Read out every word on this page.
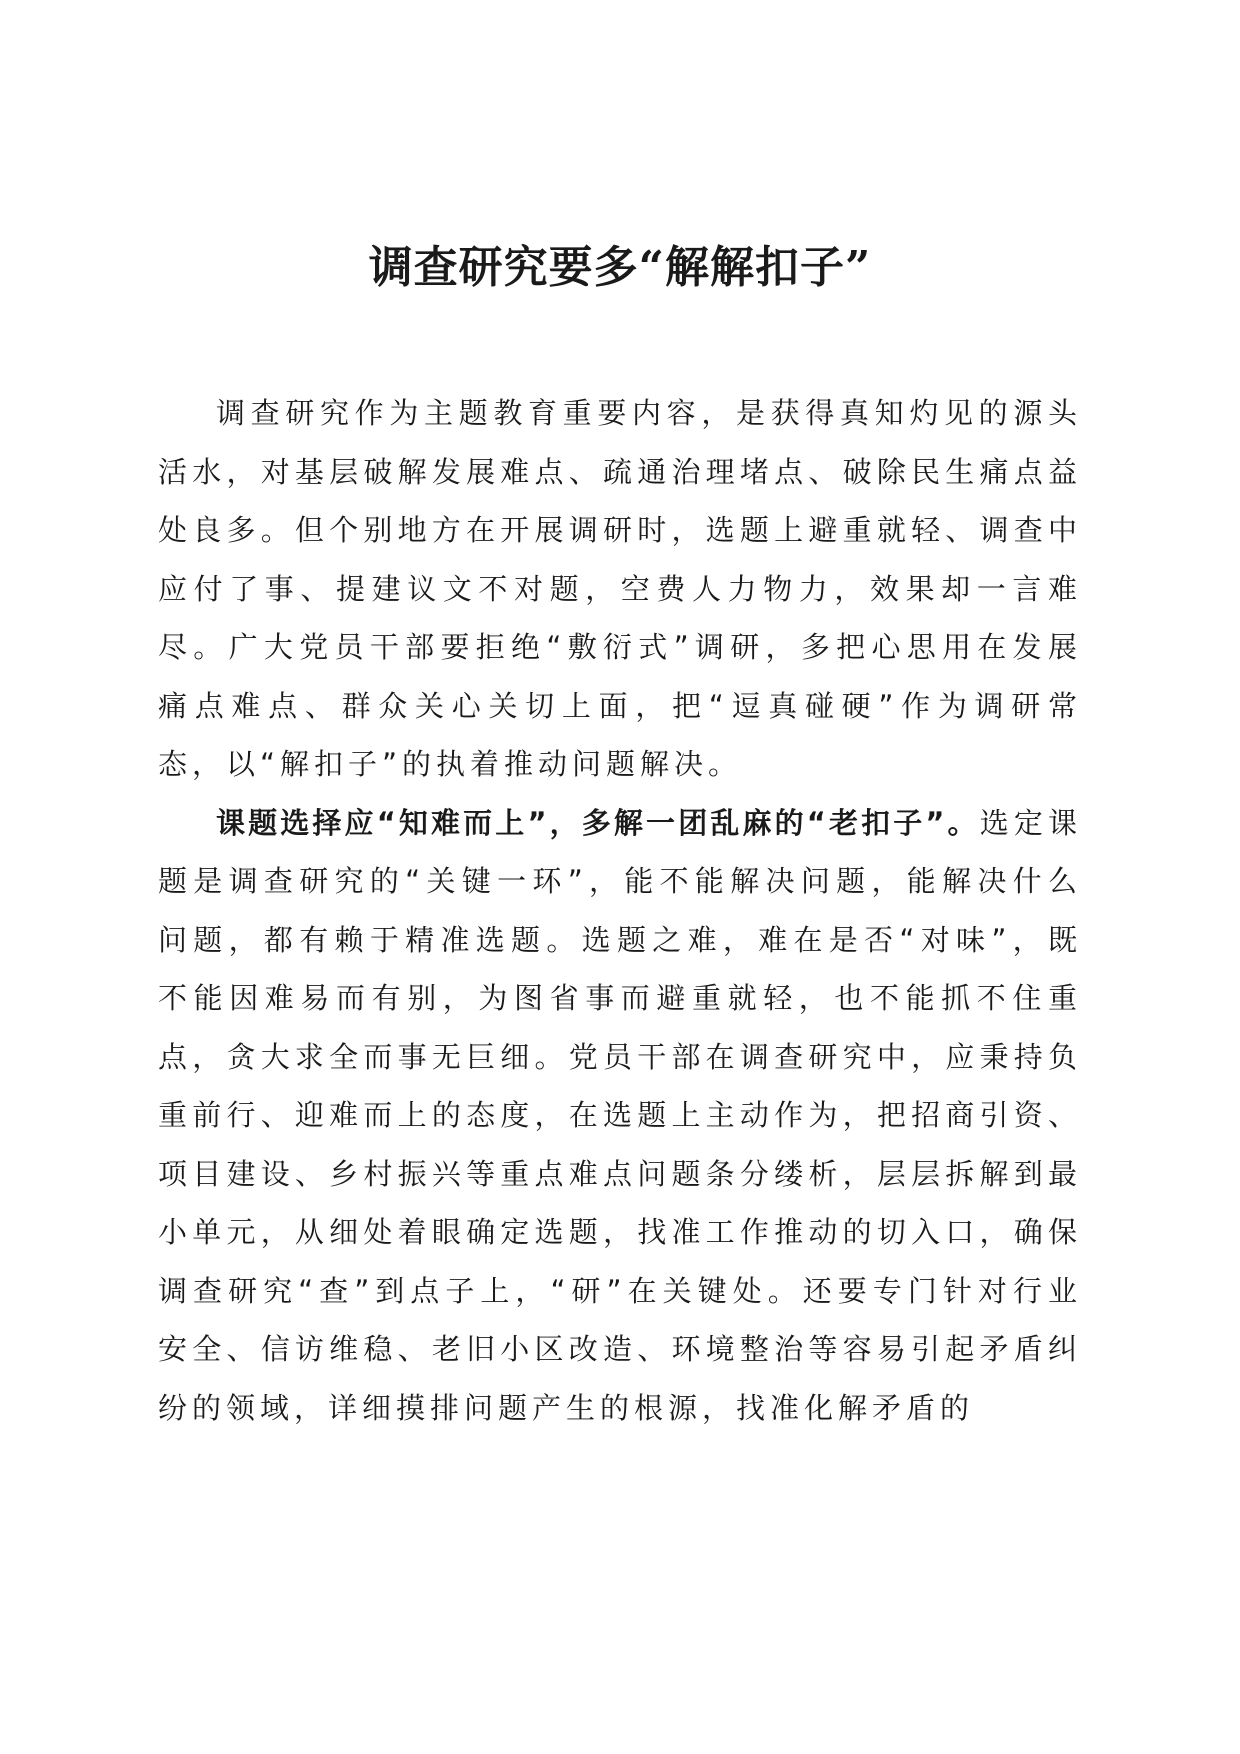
调查研究要多“解解扣子”

调查研究作为主题教育重要内容，是获得真知灼见的源头活水，对基层破解发展难点、疏通治理堵点、破除民生痛点益处良多。但个别地方在开展调研时，选题上避重就轻、调查中应付了事、提建议文不对题，空费人力物力，效果却一言难尽。广大党员干部要拒绝“敷衍式”调研，多把心思用在发展痛点难点、群众关心关切上面，把“逗真碰硬”作为调研常态，以“解扣子”的执着推动问题解决。

课题选择应“知难而上”，多解一团乱麻的“老扣子”。选定课题是调查研究的“关键一环”，能不能解决问题，能解决什么问题，都有赖于精准选题。选题之难，难在是否“对味”，既不能因难易而有别，为图省事而避重就轻，也不能抓不住重点，贪大求全而事无巨细。党员干部在调查研究中，应秉持负重前行、迎难而上的态度，在选题上主动作为，把招商引资、项目建设、乡村振兴等重点难点问题条分缕析，层层拆解到最小单元，从细处着眼确定选题，找准工作推动的切入口，确保调查研究“查”到点子上，“研”在关键处。还要专门针对行业安全、信访维稳、老旧小区改造、环境整治等容易引起矛盾纠纷的领域，详细摸排问题产生的根源，找准化解矛盾的
